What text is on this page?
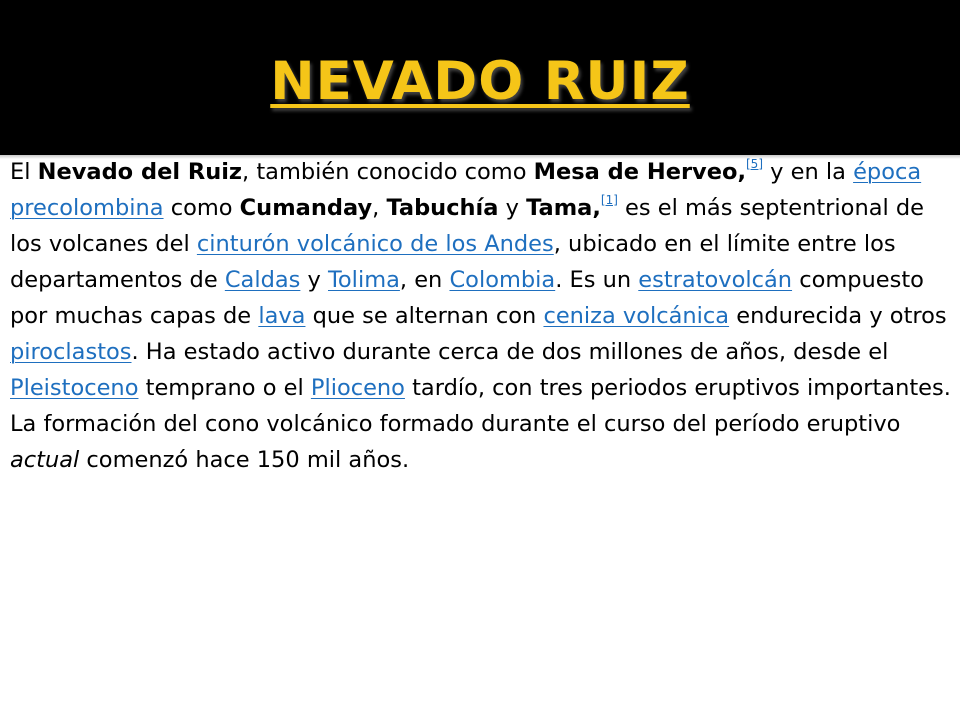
NEVADO RUIZ

El Nevado del Ruiz, también conocido como Mesa de Herveo,[5] y en la época precolombina como Cumanday, Tabuchía y Tama,[1] es el más septentrional de los volcanes del cinturón volcánico de los Andes, ubicado en el límite entre los departamentos de Caldas y Tolima, en Colombia. Es un estratovolcán compuesto por muchas capas de lava que se alternan con ceniza volcánica endurecida y otros piroclastos. Ha estado activo durante cerca de dos millones de años, desde el Pleistoceno temprano o el Plioceno tardío, con tres periodos eruptivos importantes. La formación del cono volcánico formado durante el curso del período eruptivo actual comenzó hace 150 mil años.
